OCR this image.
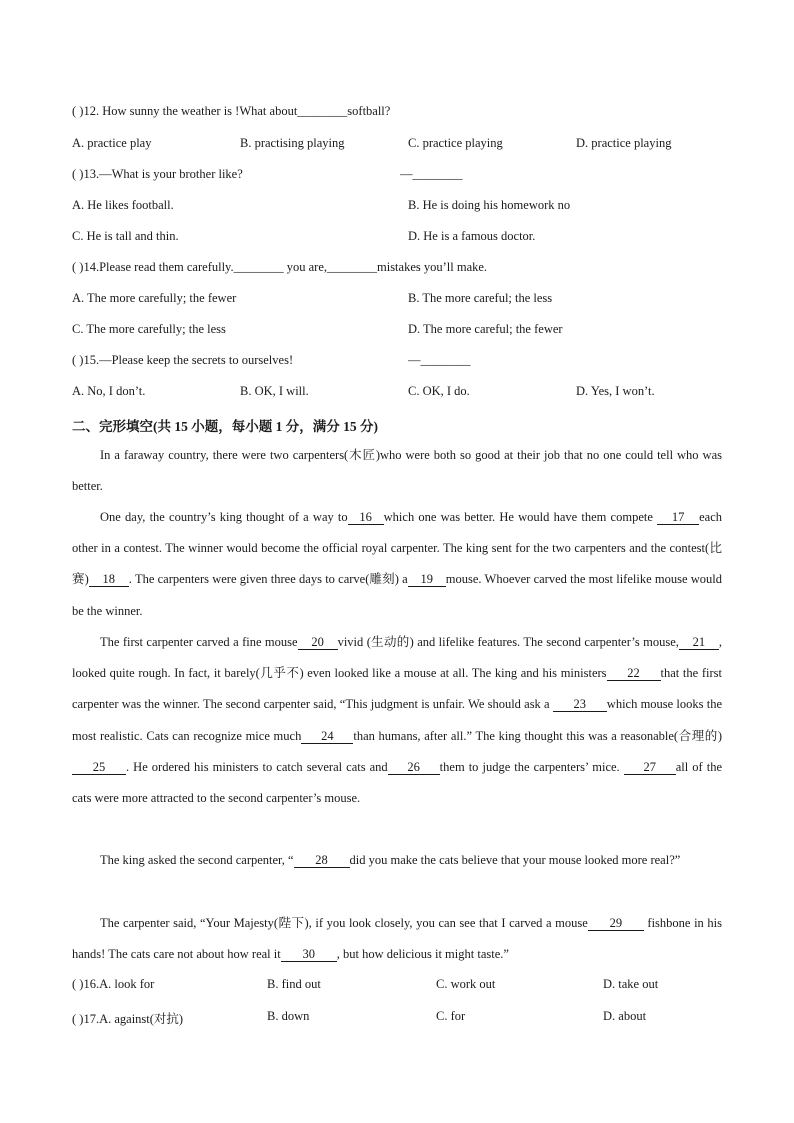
( )12. How sunny the weather is !What about________softball?
A. practice play	B. practising playing	C. practice playing	D. practice playing
( )13.—What is your brother like?	—________
A. He likes football.	B. He is doing his homework no
C. He is tall and thin.	D. He is a famous doctor.
( )14.Please read them carefully.________ you are,________mistakes you’ll make.
A. The more carefully; the fewer	B. The more careful; the less
C. The more carefully; the less	D. The more careful; the fewer
( )15.—Please keep the secrets to ourselves!	—________
A. No, I don’t.	B. OK, I will.	C. OK, I do.	D. Yes, I won’t.
二、完形填空(共 15 小题，每小题 1 分，满分 15 分)
In a faraway country, there were two carpenters(木匠)who were both so good at their job that no one could tell who was better.
One day, the country’s king thought of a way to 16 which one was better. He would have them compete 17 each other in a contest. The winner would become the official royal carpenter. The king sent for the two carpenters and the contest(比赛) 18 . The carpenters were given three days to carve(雕刻) a 19 mouse. Whoever carved the most lifelike mouse would be the winner.
The first carpenter carved a fine mouse 20 vivid (生动的) and lifelike features. The second carpenter’s mouse, 21 , looked quite rough. In fact, it barely(几乎不) even looked like a mouse at all. The king and his ministers 22 that the first carpenter was the winner. The second carpenter said, “This judgment is unfair. We should ask a 23 which mouse looks the most realistic. Cats can recognize mice much 24 than humans, after all.” The king thought this was a reasonable(合理的)25 . He ordered his ministers to catch several cats and 26 them to judge the carpenters’ mice. 27 all of the cats were more attracted to the second carpenter’s mouse.
The king asked the second carpenter, “ 28 did you make the cats believe that your mouse looked more real?”
The carpenter said, “Your Majesty(陛下), if you look closely, you can see that I carved a mouse 29 fishbone in his hands! The cats care not about how real it 30 , but how delicious it might taste.”
( )16.A. look for	B. find out	C. work out	D. take out
( )17.A. against(对抗)	B. down	C. for	D. about
